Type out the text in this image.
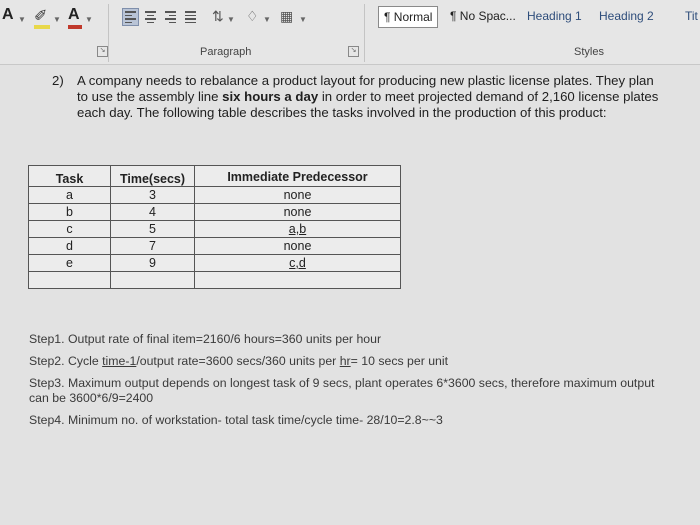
A ▼ ✐ ▼ A ▼	⇅ ▼ ♢ ▼ ▦ ▼	¶ Normal	¶ No Spac... Heading 1	Heading 2	Tit
↘	Paragraph	↘	Styles
2) A company needs to rebalance a product layout for producing new plastic license plates. They plan to use the assembly line six hours a day in order to meet projected demand of 2,160 license plates each day. The following table describes the tasks involved in the production of this product:
Task	Time(secs)	Immediate Predecessor
a	3	none
b	4	none
c	5	a,b
d	7	none
e	9	c,d

Step1. Output rate of final item=2160/6 hours=360 units per hour
Step2. Cycle time-1/output rate=3600 secs/360 units per hr= 10 secs per unit
Step3. Maximum output depends on longest task of 9 secs, plant operates 6*3600 secs, therefore maximum output can be 3600*6/9=2400
Step4. Minimum no. of workstation- total task time/cycle time- 28/10=2.8~~3
